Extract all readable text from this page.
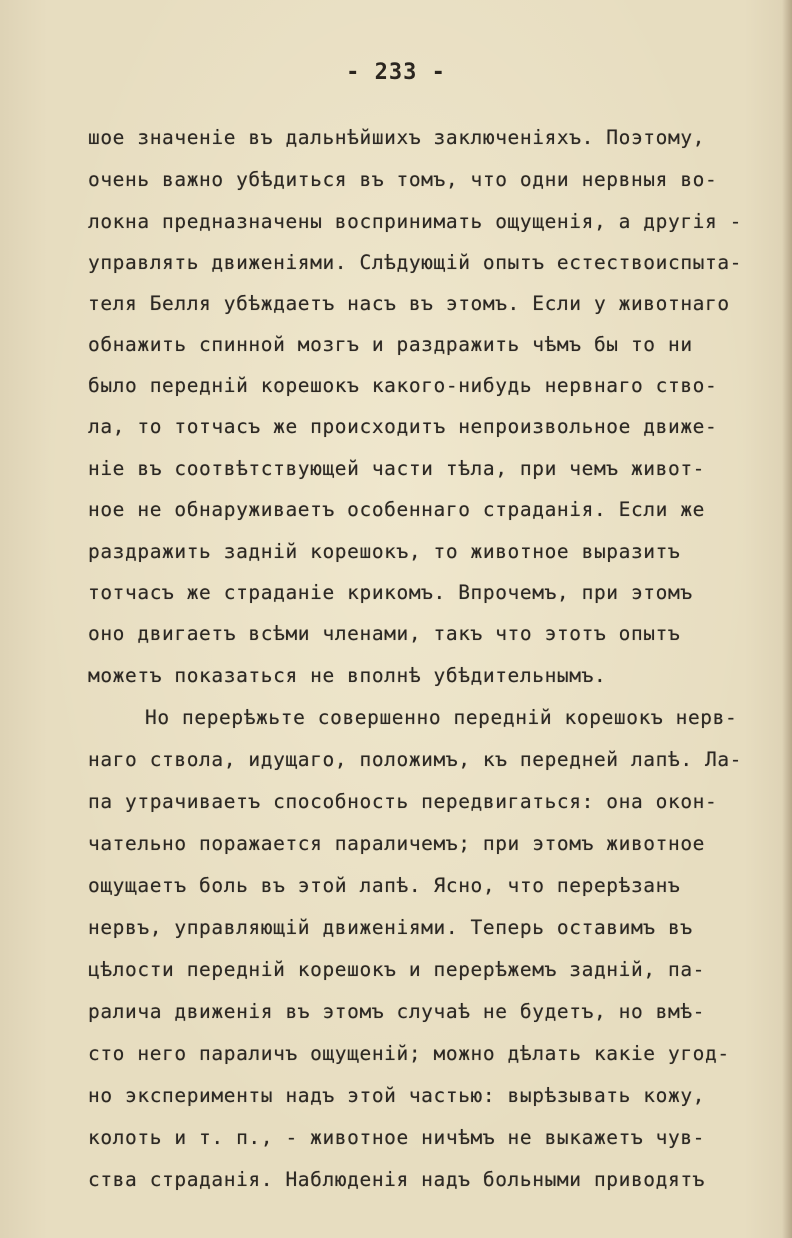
- 233 -
шое значенiе въ дальнѣйшихъ заключенiяхъ. Поэтому,
очень важно убѣдиться въ томъ, что одни нервныя во-
локна предназначены воспринимать ощущенiя, а другiя -
управлять движенiями. Слѣдующiй опытъ естествоиспыта-
теля Белля убѣждаетъ насъ въ этомъ. Если у животнаго
обнажить спинной мозгъ и раздражить чѣмъ бы то ни
было переднiй корешокъ какого-нибудь нервнаго ство-
ла, то тотчасъ же происходитъ непроизвольное движе-
нiе въ соотвѣтствующей части тѣла, при чемъ живот-
ное не обнаруживаетъ особеннаго страданiя. Если же
раздражить заднiй корешокъ, то животное выразитъ
тотчасъ же страданiе крикомъ. Впрочемъ, при этомъ
оно двигаетъ всѣми членами, такъ что этотъ опытъ
можетъ показаться не вполнѣ убѣдительнымъ.
Но перерѣжьте совершенно переднiй корешокъ нерв-
наго ствола, идущаго, положимъ, къ передней лапѣ. Ла-
па утрачиваетъ способность передвигаться: она окон-
чательно поражается параличемъ; при этомъ животное
ощущаетъ боль въ этой лапѣ. Ясно, что перерѣзанъ
нервъ, управляющiй движенiями. Теперь оставимъ въ
цѣлости переднiй корешокъ и перерѣжемъ заднiй, па-
ралича движенiя въ этомъ случаѣ не будетъ, но вмѣ-
сто него параличъ ощущенiй; можно дѣлать какiе угод-
но эксперименты надъ этой частью: вырѣзывать кожу,
колоть и т. п., - животное ничѣмъ не выкажетъ чув-
ства страданiя. Наблюденiя надъ больными приводятъ
